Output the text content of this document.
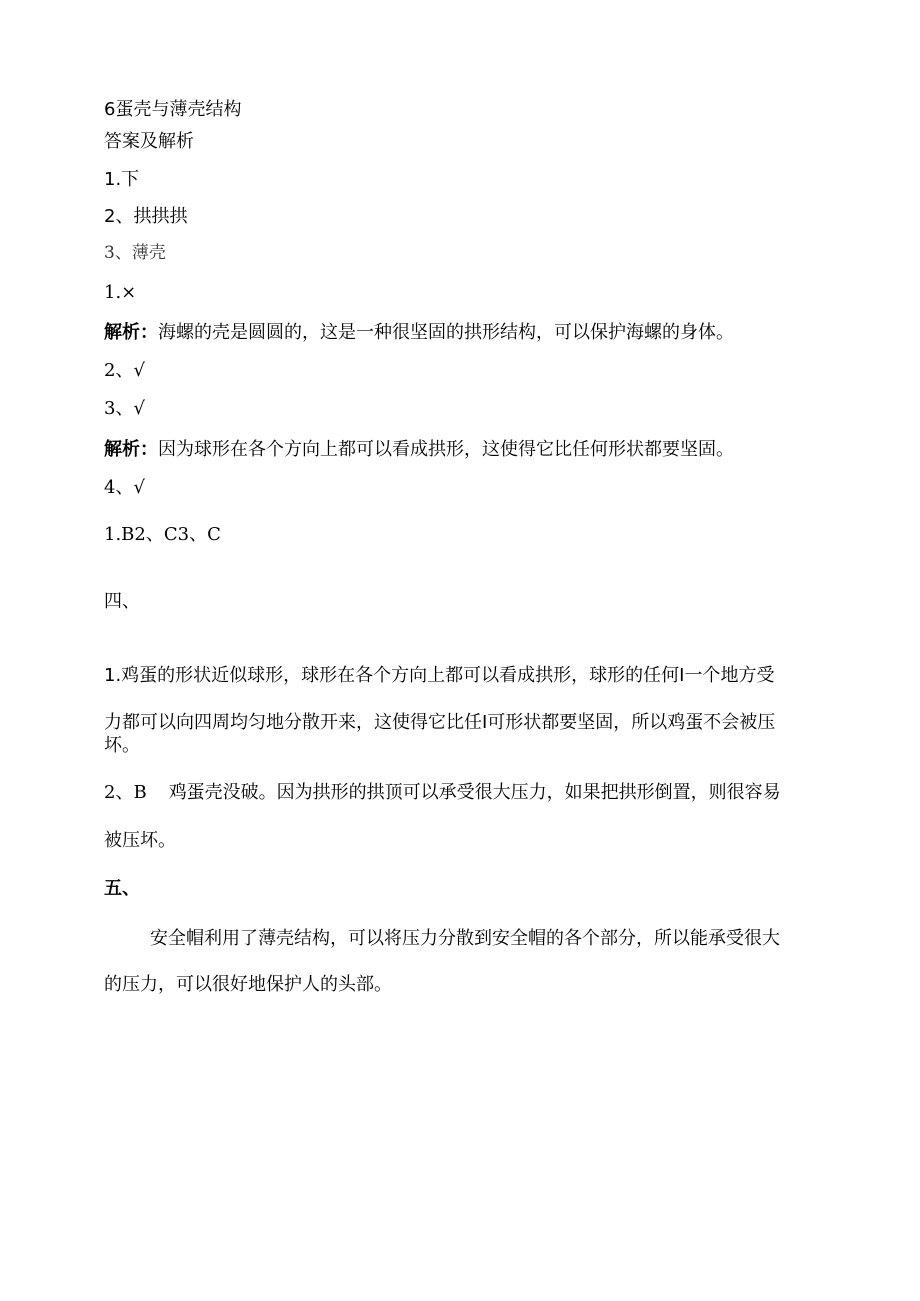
6蛋壳与薄壳结构
答案及解析
1.下
2、拱拱拱
3、薄壳
1.×
解析：海螺的壳是圆圆的，这是一种很坚固的拱形结构，可以保护海螺的身体。
2、√
3、√
解析：因为球形在各个方向上都可以看成拱形，这使得它比任何形状都要坚固。
4、√
1.B2、C3、C
四、
1.鸡蛋的形状近似球形，球形在各个方向上都可以看成拱形，球形的任何Ⅰ一个地方受
力都可以向四周均匀地分散开来，这使得它比任Ⅰ可形状都要坚固，所以鸡蛋不会被压
坏。
2、B 鸡蛋壳没破。因为拱形的拱顶可以承受很大压力，如果把拱形倒置，则很容易
被压坏。
五、
安全帽利用了薄壳结构，可以将压力分散到安全帽的各个部分，所以能承受很大
的压力，可以很好地保护人的头部。
